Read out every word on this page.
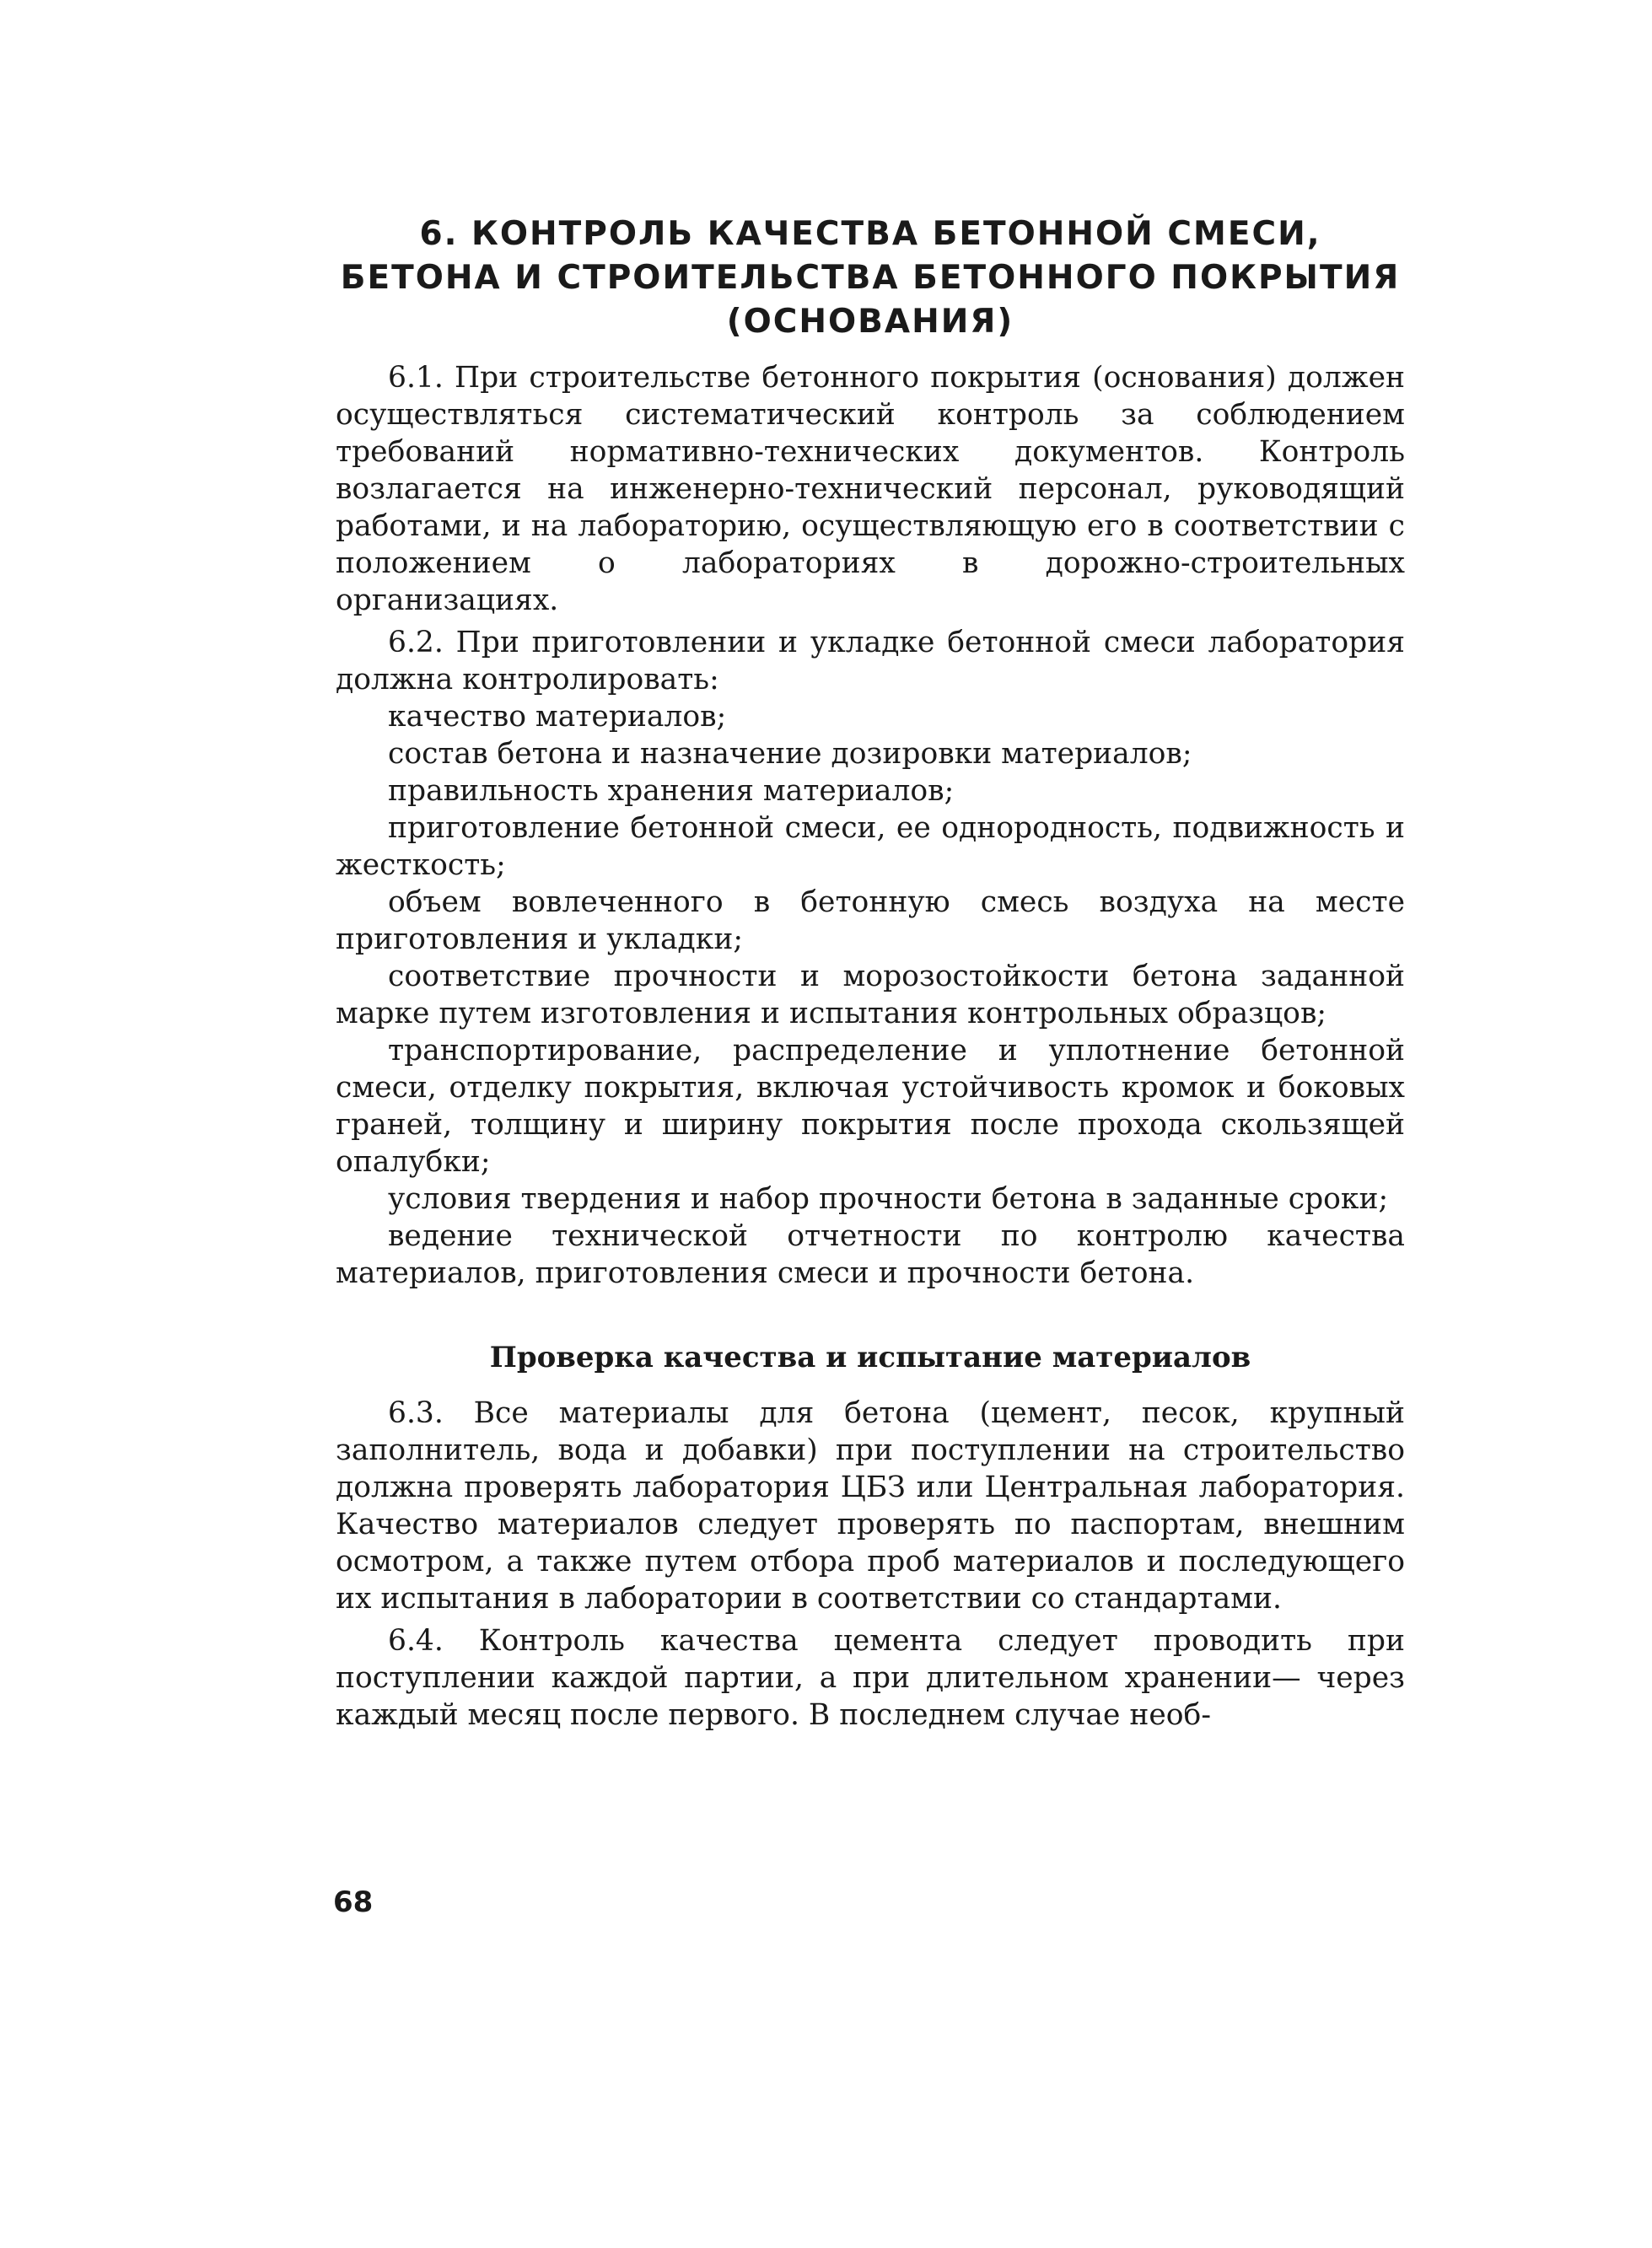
6. КОНТРОЛЬ КАЧЕСТВА БЕТОННОЙ СМЕСИ,
БЕТОНА И СТРОИТЕЛЬСТВА БЕТОННОГО ПОКРЫТИЯ
(ОСНОВАНИЯ)

6.1. При строительстве бетонного покрытия (основания) должен осуществляться систематический контроль за соблюдением требований нормативно-технических документов. Контроль возлагается на инженерно-технический персонал, руководящий работами, и на лабораторию, осуществляющую его в соответствии с положением о лабораториях в дорожно-строительных организациях.

6.2. При приготовлении и укладке бетонной смеси лаборатория должна контролировать:

качество материалов;

состав бетона и назначение дозировки материалов;

правильность хранения материалов;

приготовление бетонной смеси, ее однородность, подвижность и жесткость;

объем вовлеченного в бетонную смесь воздуха на месте приготовления и укладки;

соответствие прочности и морозостойкости бетона заданной марке путем изготовления и испытания контрольных образцов;

транспортирование, распределение и уплотнение бетонной смеси, отделку покрытия, включая устойчивость кромок и боковых граней, толщину и ширину покрытия после прохода скользящей опалубки;

условия твердения и набор прочности бетона в заданные сроки;

ведение технической отчетности по контролю качества материалов, приготовления смеси и прочности бетона.

Проверка качества и испытание материалов

6.3. Все материалы для бетона (цемент, песок, крупный заполнитель, вода и добавки) при поступлении на строительство должна проверять лаборатория ЦБЗ или Центральная лаборатория. Качество материалов следует проверять по паспортам, внешним осмотром, а также путем отбора проб материалов и последующего их испытания в лаборатории в соответствии со стандартами.

6.4. Контроль качества цемента следует проводить при поступлении каждой партии, а при длительном хранении— через каждый месяц после первого. В последнем случае необ-

68
